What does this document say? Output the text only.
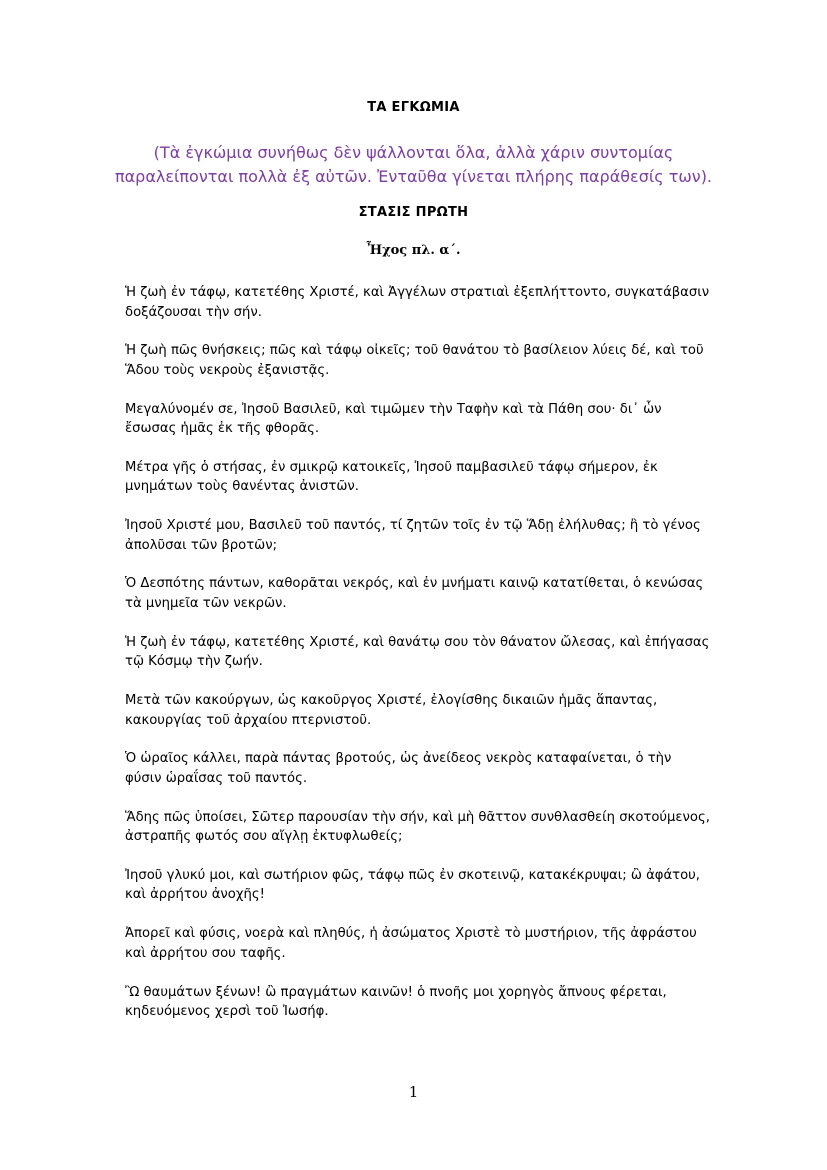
ΤΑ ΕΓΚΩΜΙΑ
(Τὰ ἐγκώμια συνήθως δὲν ψάλλονται ὅλα, ἀλλὰ χάριν συντομίας παραλείπονται πολλὰ ἐξ αὐτῶν. Ἐνταῦθα γίνεται πλήρης παράθεσίς των).
ΣΤΑΣΙΣ ΠΡΩΤΗ
Ἦχος πλ. α΄.

Ἡ ζωὴ ἐν τάφῳ, κατετέθης Χριστέ, καὶ Ἀγγέλων στρατιαὶ ἐξεπλήττοντο, συγκατάβασιν δοξάζουσαι τὴν σήν.

Ἡ ζωὴ πῶς θνήσκεις; πῶς καὶ τάφῳ οἰκεῖς; τοῦ θανάτου τὸ βασίλειον λύεις δέ, καὶ τοῦ Ἅδου τοὺς νεκροὺς ἐξανιστᾷς.

Μεγαλύνομέν σε, Ἰησοῦ Βασιλεῦ, καὶ τιμῶμεν τὴν Ταφὴν καὶ τὰ Πάθη σου· δι᾿ ὧν ἔσωσας ἡμᾶς ἐκ τῆς φθορᾶς.

Μέτρα γῆς ὁ στήσας, ἐν σμικρῷ κατοικεῖς, Ἰησοῦ παμβασιλεῦ τάφῳ σήμερον, ἐκ μνημάτων τοὺς θανέντας ἀνιστῶν.

Ἰησοῦ Χριστέ μου, Βασιλεῦ τοῦ παντός, τί ζητῶν τοῖς ἐν τῷ Ἅδῃ ἐλήλυθας; ἢ τὸ γένος ἀπολῦσαι τῶν βροτῶν;

Ὁ Δεσπότης πάντων, καθορᾶται νεκρός, καὶ ἐν μνήματι καινῷ κατατίθεται, ὁ κενώσας τὰ μνημεῖα τῶν νεκρῶν.

Ἡ ζωὴ ἐν τάφῳ, κατετέθης Χριστέ, καὶ θανάτῳ σου τὸν θάνατον ὤλεσας, καὶ ἐπήγασας τῷ Κόσμῳ τὴν ζωήν.

Μετὰ τῶν κακούργων, ὡς κακοῦργος Χριστέ, ἐλογίσθης δικαιῶν ἡμᾶς ἅπαντας, κακουργίας τοῦ ἀρχαίου πτερνιστοῦ.

Ὁ ὡραῖος κάλλει, παρὰ πάντας βροτούς, ὡς ἀνείδεος νεκρὸς καταφαίνεται, ὁ τὴν φύσιν ὡραΐσας τοῦ παντός.

Ἅδης πῶς ὑποίσει, Σῶτερ παρουσίαν τὴν σήν, καὶ μὴ θᾶττον συνθλασθείη σκοτούμενος, ἀστραπῆς φωτός σου αἴγλῃ ἐκτυφλωθείς;

Ἰησοῦ γλυκύ μοι, καὶ σωτήριον φῶς, τάφῳ πῶς ἐν σκοτεινῷ, κατακέκρυψαι; ὢ ἀφάτου, καὶ ἀρρήτου ἀνοχῆς!

Ἀπορεῖ καὶ φύσις, νοερὰ καὶ πληθύς, ἡ ἀσώματος Χριστὲ τὸ μυστήριον, τῆς ἀφράστου καὶ ἀρρήτου σου ταφῆς.

Ὢ θαυμάτων ξένων! ὢ πραγμάτων καινῶν! ὁ πνοῆς μοι χορηγὸς ἄπνους φέρεται, κηδευόμενος χερσὶ τοῦ Ἰωσήφ.

1
